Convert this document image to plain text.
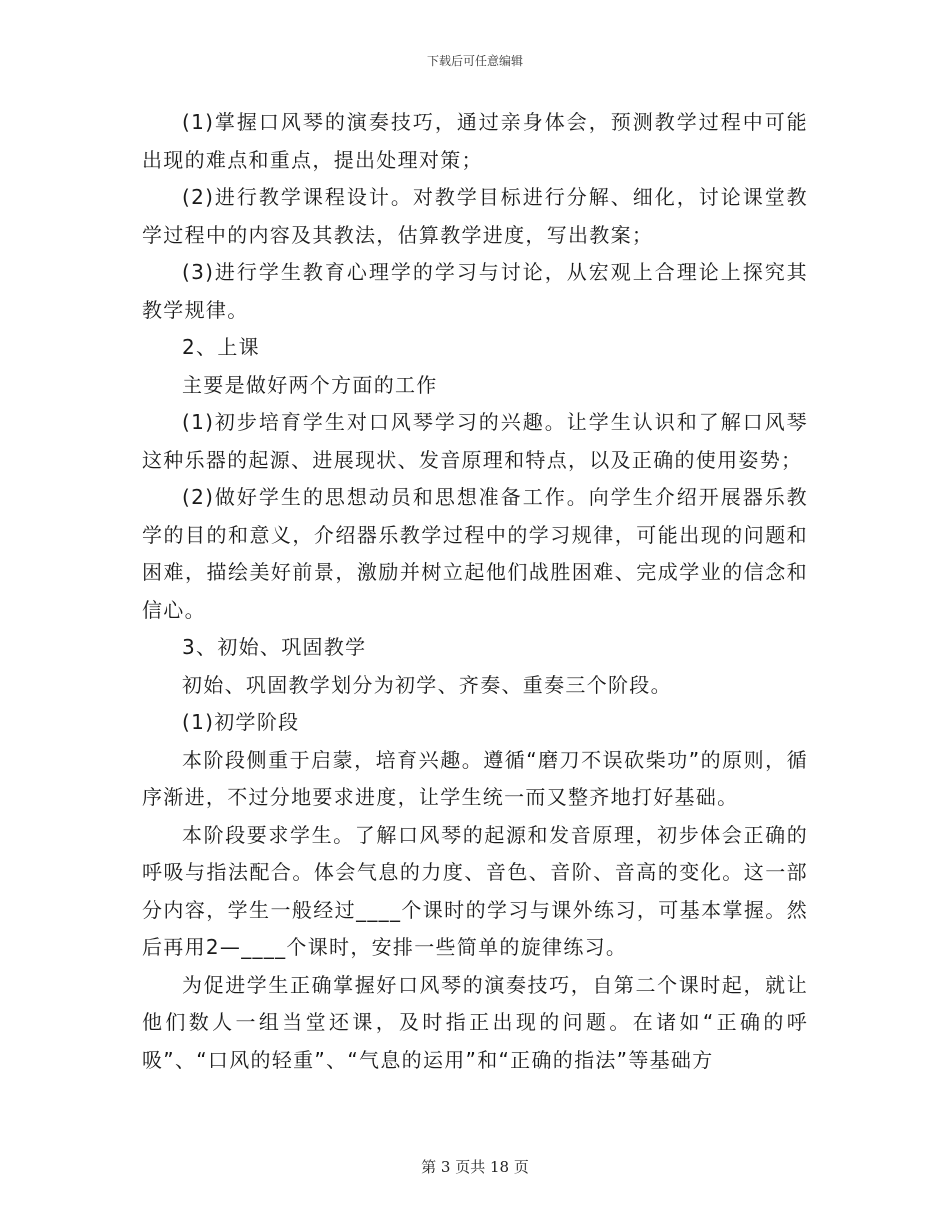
下载后可任意编辑

(1)掌握口风琴的演奏技巧，通过亲身体会，预测教学过程中可能出现的难点和重点，提出处理对策；

(2)进行教学课程设计。对教学目标进行分解、细化，讨论课堂教学过程中的内容及其教法，估算教学进度，写出教案；

(3)进行学生教育心理学的学习与讨论，从宏观上合理论上探究其教学规律。

2、上课

主要是做好两个方面的工作

(1)初步培育学生对口风琴学习的兴趣。让学生认识和了解口风琴这种乐器的起源、进展现状、发音原理和特点，以及正确的使用姿势；

(2)做好学生的思想动员和思想准备工作。向学生介绍开展器乐教学的目的和意义，介绍器乐教学过程中的学习规律，可能出现的问题和困难，描绘美好前景，激励并树立起他们战胜困难、完成学业的信念和信心。

3、初始、巩固教学

初始、巩固教学划分为初学、齐奏、重奏三个阶段。

(1)初学阶段

本阶段侧重于启蒙，培育兴趣。遵循“磨刀不误砍柴功”的原则，循序渐进，不过分地要求进度，让学生统一而又整齐地打好基础。

本阶段要求学生。了解口风琴的起源和发音原理，初步体会正确的呼吸与指法配合。体会气息的力度、音色、音阶、音高的变化。这一部分内容，学生一般经过____个课时的学习与课外练习，可基本掌握。然后再用2—____个课时，安排一些简单的旋律练习。

为促进学生正确掌握好口风琴的演奏技巧，自第二个课时起，就让他们数人一组当堂还课，及时指正出现的问题。在诸如“正确的呼吸”、“口风的轻重”、“气息的运用”和“正确的指法”等基础方

第 3 页共 18 页
